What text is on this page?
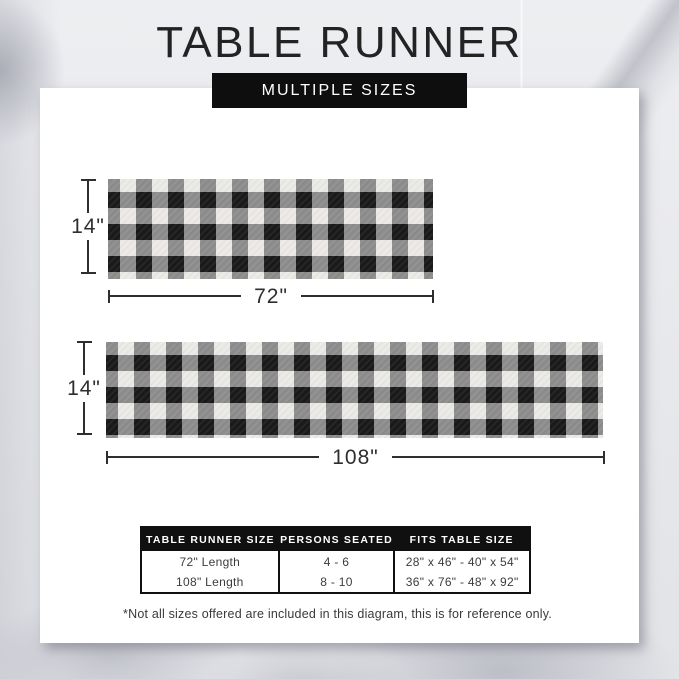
TABLE RUNNER
MULTIPLE SIZES
14"
72"
14"
108"
TABLE RUNNER SIZE	PERSONS SEATED	FITS TABLE SIZE
72" Length	4 - 6	28" x 46" - 40" x 54"
108" Length	8 - 10	36" x 76" - 48" x 92"
*Not all sizes offered are included in this diagram, this is for reference only.
